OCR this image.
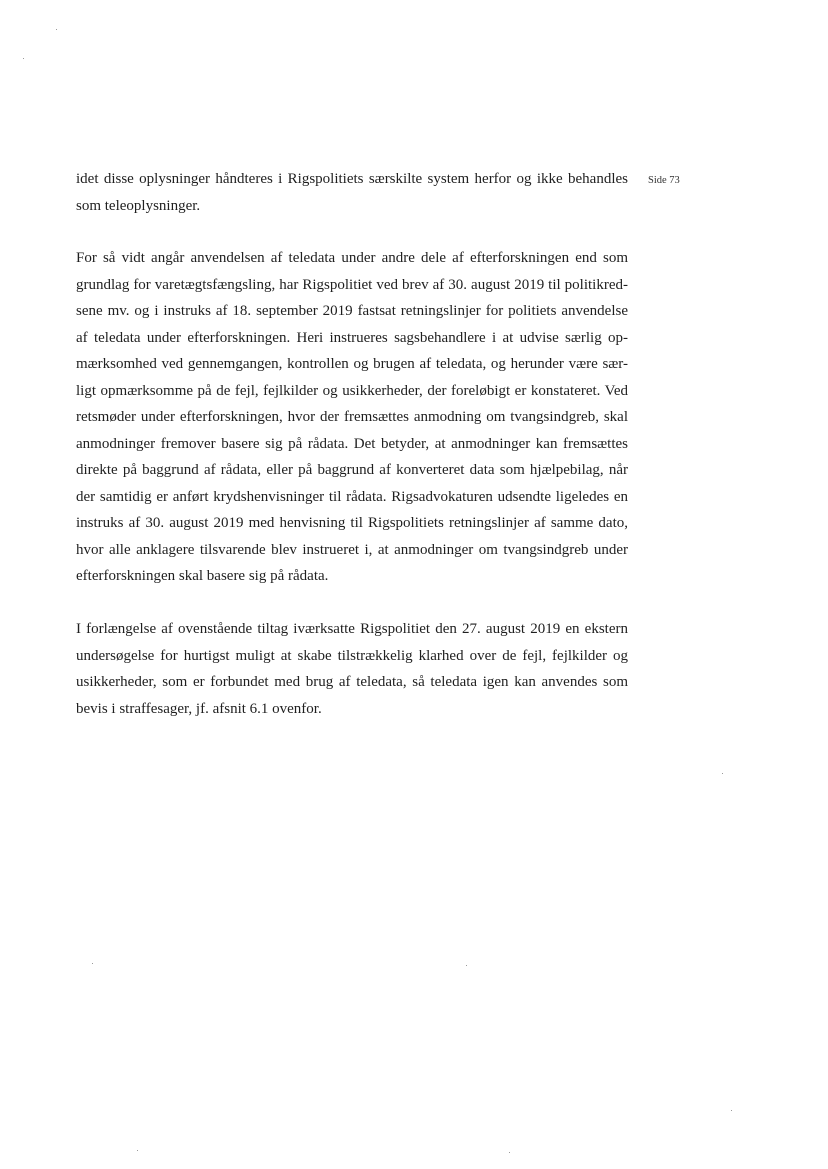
Side 73
idet disse oplysninger håndteres i Rigspolitiets særskilte system herfor og ikke behandles
som teleoplysninger.
For så vidt angår anvendelsen af teledata under andre dele af efterforskningen end som
grundlag for varetægtsfængsling, har Rigspolitiet ved brev af 30. august 2019 til politikred-
sene mv. og i instruks af 18. september 2019 fastsat retningslinjer for politiets anvendelse
af teledata under efterforskningen. Heri instrueres sagsbehandlere i at udvise særlig op-
mærksomhed ved gennemgangen, kontrollen og brugen af teledata, og herunder være sær-
ligt opmærksomme på de fejl, fejlkilder og usikkerheder, der foreløbigt er konstateret. Ved
retsmøder under efterforskningen, hvor der fremsættes anmodning om tvangsindgreb, skal
anmodninger fremover basere sig på rådata. Det betyder, at anmodninger kan fremsættes
direkte på baggrund af rådata, eller på baggrund af konverteret data som hjælpebilag, når
der samtidig er anført krydshenvisninger til rådata. Rigsadvokaturen udsendte ligeledes en
instruks af 30. august 2019 med henvisning til Rigspolitiets retningslinjer af samme dato,
hvor alle anklagere tilsvarende blev instrueret i, at anmodninger om tvangsindgreb under
efterforskningen skal basere sig på rådata.
I forlængelse af ovenstående tiltag iværksatte Rigspolitiet den 27. august 2019 en ekstern
undersøgelse for hurtigst muligt at skabe tilstrækkelig klarhed over de fejl, fejlkilder og
usikkerheder, som er forbundet med brug af teledata, så teledata igen kan anvendes som
bevis i straffesager, jf. afsnit 6.1 ovenfor.
